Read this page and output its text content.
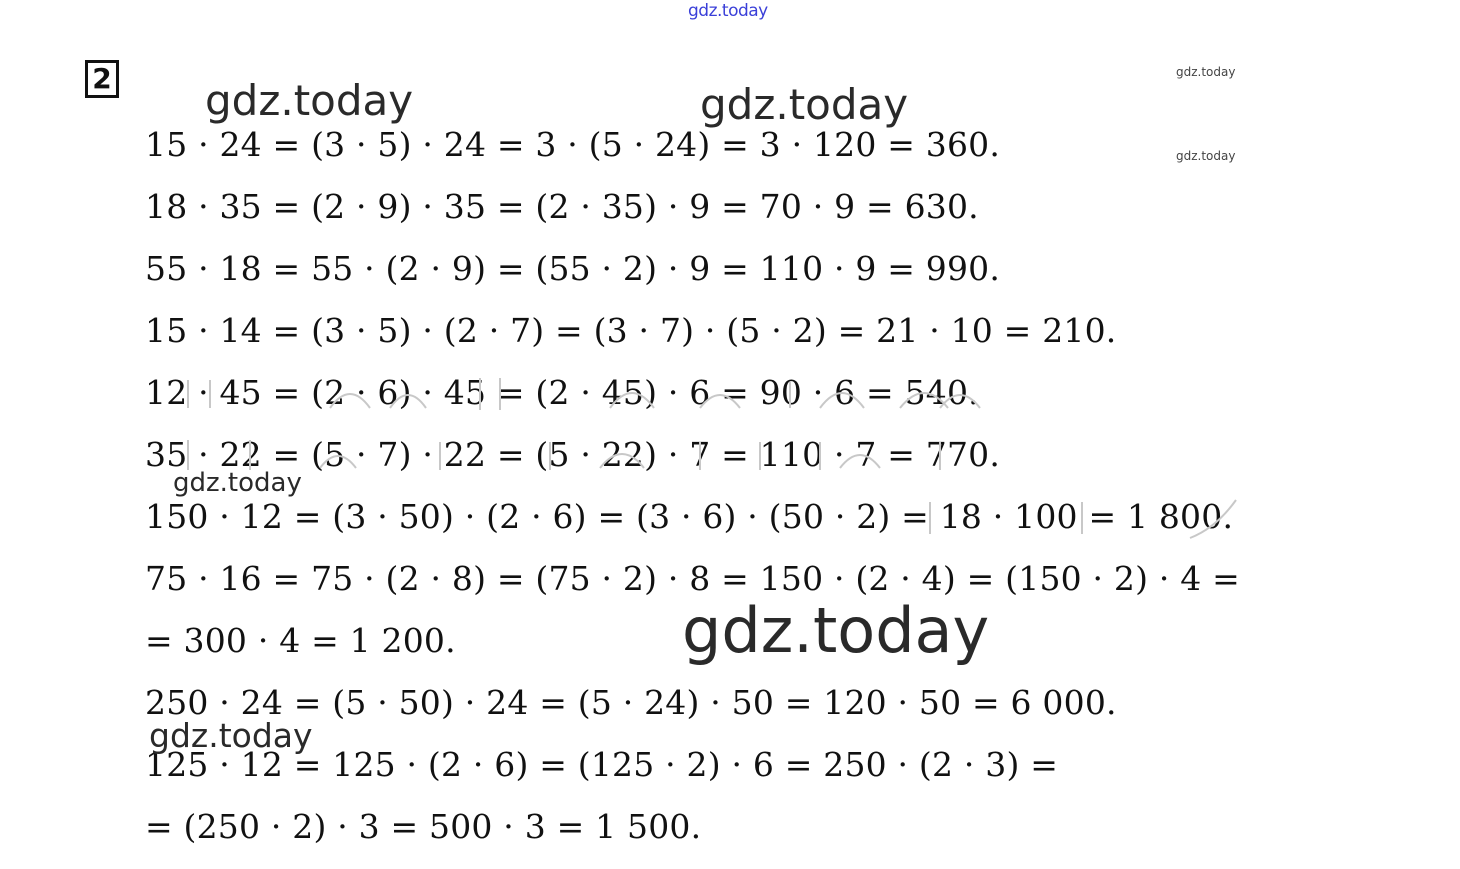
gdz.today
2 gdz.today	gdz.today
gdz.today
gdz.today
15 · 24 = (3 · 5) · 24 = 3 · (5 · 24) = 3 · 120 = 360.
18 · 35 = (2 · 9) · 35 = (2 · 35) · 9 = 70 · 9 = 630.
55 · 18 = 55 · (2 · 9) = (55 · 2) · 9 = 110 · 9 = 990.
15 · 14 = (3 · 5) · (2 · 7) = (3 · 7) · (5 · 2) = 21 · 10 = 210.
12 · 45 = (2 · 6) · 45 = (2 · 45) · 6 = 90 · 6 = 540.
35 · 22 = (5 · 7) · 22 = (5 · 22) · 7 = 110 · 7 = 770.
150 · 12 = (3 · 50) · (2 · 6) = (3 · 6) · (50 · 2) = 18 · 100 = 1 800.
75 · 16 = 75 · (2 · 8) = (75 · 2) · 8 = 150 · (2 · 4) = (150 · 2) · 4 =
= 300 · 4 = 1 200.
250 · 24 = (5 · 50) · 24 = (5 · 24) · 50 = 120 · 50 = 6 000.
125 · 12 = 125 · (2 · 6) = (125 · 2) · 6 = 250 · (2 · 3) =
= (250 · 2) · 3 = 500 · 3 = 1 500.
gdz.today
gdz.today
gdz.today
